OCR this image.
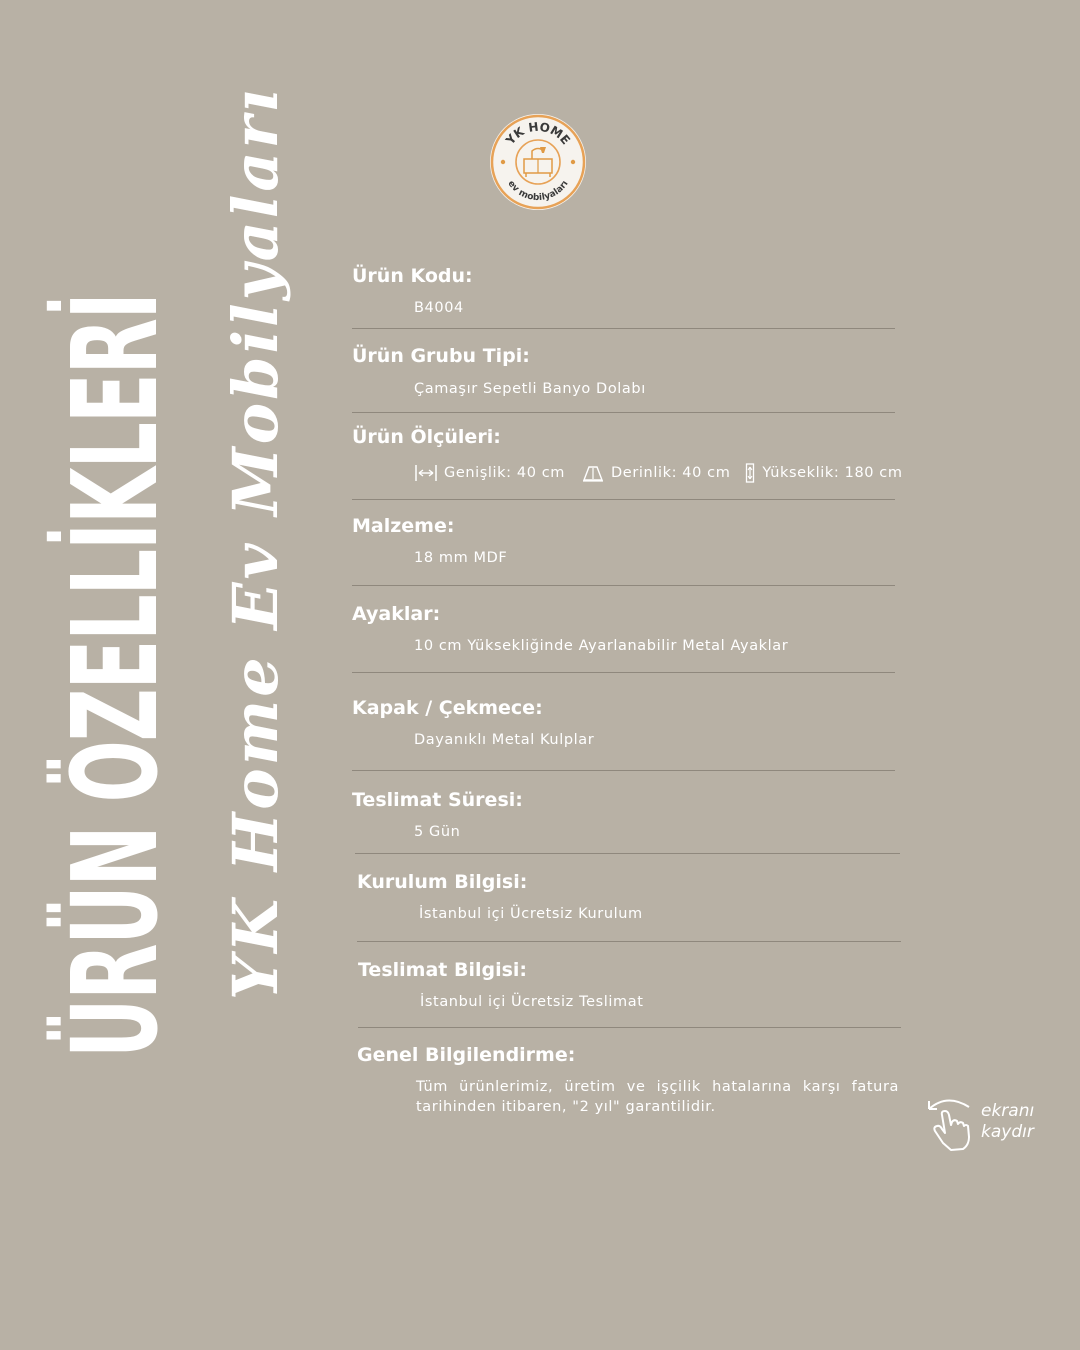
YK HOME
ev mobilyaları
ÜRÜN ÖZELLİKLERİ YK Home Ev Mobilyaları	Ürün Kodu:
B4004
Ürün Grubu Tipi:
Çamaşır Sepetli Banyo Dolabı
Ürün Ölçüleri:
Genişlik: 40 cm	Derinlik: 40 cm Yükseklik: 180 cm
Malzeme:
18 mm MDF
Ayaklar:
10 cm Yüksekliğinde Ayarlanabilir Metal Ayaklar
Kapak / Çekmece:
Dayanıklı Metal Kulplar
Teslimat Süresi:
5 Gün
Kurulum Bilgisi:
İstanbul içi Ücretsiz Kurulum
Teslimat Bilgisi:
İstanbul içi Ücretsiz Teslimat
Genel Bilgilendirme:
Tüm ürünlerimiz, üretim ve işçilik hatalarına karşı fatura tarihinden itibaren, "2 yıl" garantilidir.	ekranı
kaydır
